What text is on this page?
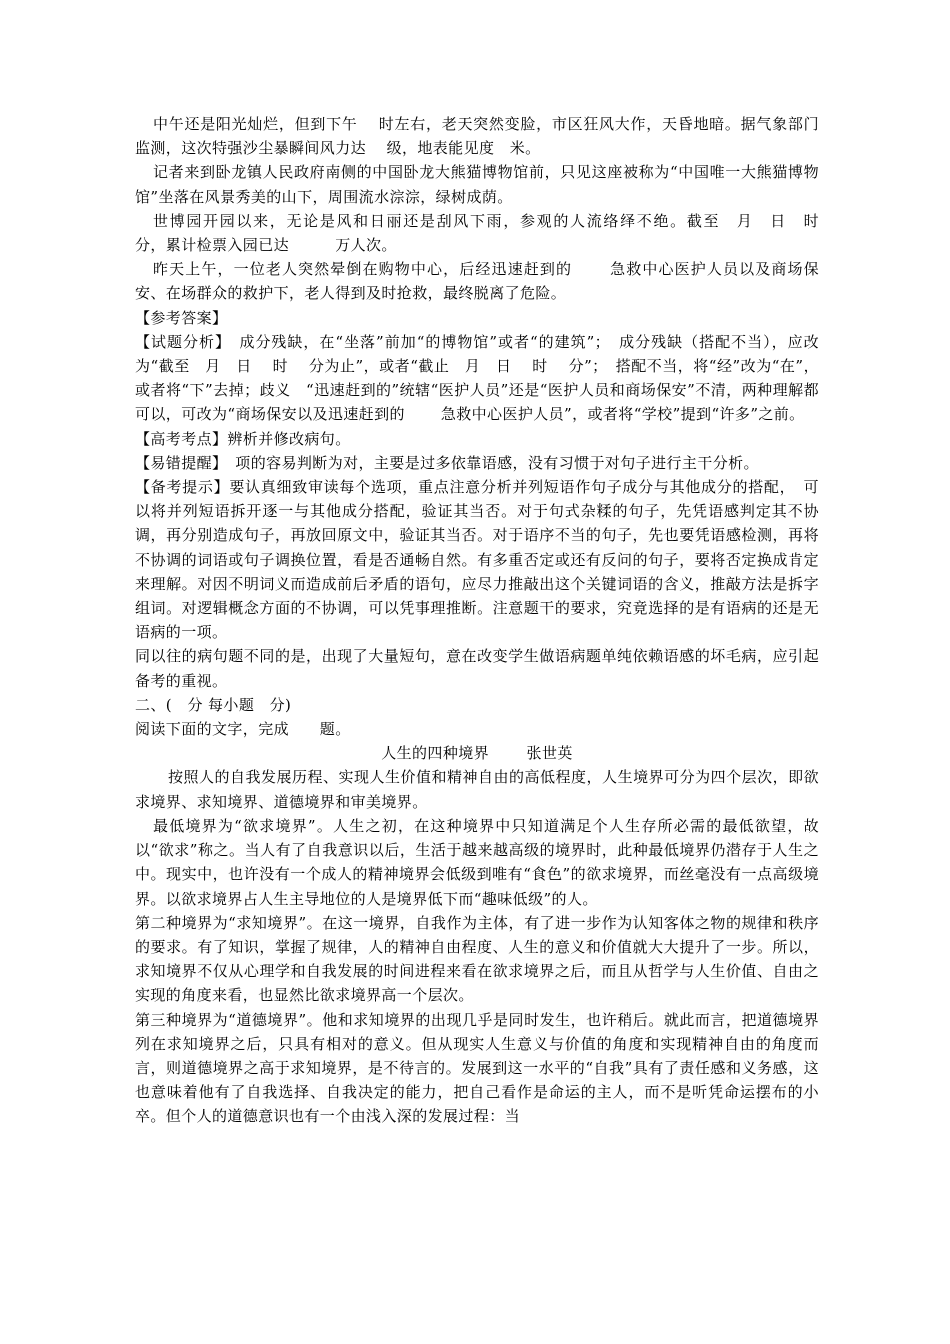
中午还是阳光灿烂，但到下午　 时左右，老天突然变脸，市区狂风大作，天昏地暗。据气象部门监测，这次特强沙尘暴瞬间风力达　 级，地表能见度　米。

记者来到卧龙镇人民政府南侧的中国卧龙大熊猫博物馆前，只见这座被称为“中国唯一大熊猫博物馆”坐落在风景秀美的山下，周围流水淙淙，绿树成荫。

世博园开园以来，无论是风和日丽还是刮风下雨，参观的人流络绎不绝。截至　月　日　时　 分，累计检票入园已达　　　万人次。

昨天上午，一位老人突然晕倒在购物中心，后经迅速赶到的　　 急救中心医护人员以及商场保安、在场群众的救护下，老人得到及时抢救，最终脱离了危险。

【参考答案】

【试题分析】　成分残缺，在“坐落”前加“的博物馆”或者“的建筑”；　成分残缺（搭配不当），应改为“截至　月　日　 时　 分为止”，或者“截止　月　日　 时　 分”；　搭配不当，将“经”改为“在”，或者将“下”去掉；歧义　“迅速赶到的”统辖“医护人员”还是“医护人员和商场保安”不清，两种理解都可以，可改为“商场保安以及迅速赶到的　　 急救中心医护人员”，或者将“学校”提到“许多”之前。

【高考考点】辨析并修改病句。

【易错提醒】　项的容易判断为对，主要是过多依靠语感，没有习惯于对句子进行主干分析。

【备考提示】要认真细致审读每个选项，重点注意分析并列短语作句子成分与其他成分的搭配，　可以将并列短语拆开逐一与其他成分搭配，验证其当否。对于句式杂糅的句子，先凭语感判定其不协调，再分别造成句子，再放回原文中，验证其当否。对于语序不当的句子，先也要凭语感检测，再将不协调的词语或句子调换位置，看是否通畅自然。有多重否定或还有反问的句子，要将否定换成肯定来理解。对因不明词义而造成前后矛盾的语句，应尽力推敲出这个关键词语的含义，推敲方法是拆字组词。对逻辑概念方面的不协调，可以凭事理推断。注意题干的要求，究竟选择的是有语病的还是无语病的一项。

同以往的病句题不同的是，出现了大量短句，意在改变学生做语病题单纯依赖语感的坏毛病，应引起备考的重视。

二、(　分 每小题　分)

阅读下面的文字，完成　　题。

人生的四种境界	张世英

按照人的自我发展历程、实现人生价值和精神自由的高低程度，人生境界可分为四个层次，即欲求境界、求知境界、道德境界和审美境界。

最低境界为“欲求境界”。人生之初，在这种境界中只知道满足个人生存所必需的最低欲望，故以“欲求”称之。当人有了自我意识以后，生活于越来越高级的境界时，此种最低境界仍潜存于人生之中。现实中，也许没有一个成人的精神境界会低级到唯有“食色”的欲求境界，而丝毫没有一点高级境界。以欲求境界占人生主导地位的人是境界低下而“趣味低级”的人。

第二种境界为“求知境界”。在这一境界，自我作为主体，有了进一步作为认知客体之物的规律和秩序的要求。有了知识，掌握了规律，人的精神自由程度、人生的意义和价值就大大提升了一步。所以，求知境界不仅从心理学和自我发展的时间进程来看在欲求境界之后，而且从哲学与人生价值、自由之实现的角度来看，也显然比欲求境界高一个层次。

第三种境界为“道德境界”。他和求知境界的出现几乎是同时发生，也许稍后。就此而言，把道德境界列在求知境界之后，只具有相对的意义。但从现实人生意义与价值的角度和实现精神自由的角度而言，则道德境界之高于求知境界，是不待言的。发展到这一水平的“自我”具有了责任感和义务感，这也意味着他有了自我选择、自我决定的能力，把自己看作是命运的主人，而不是听凭命运摆布的小卒。但个人的道德意识也有一个由浅入深的发展过程：当
